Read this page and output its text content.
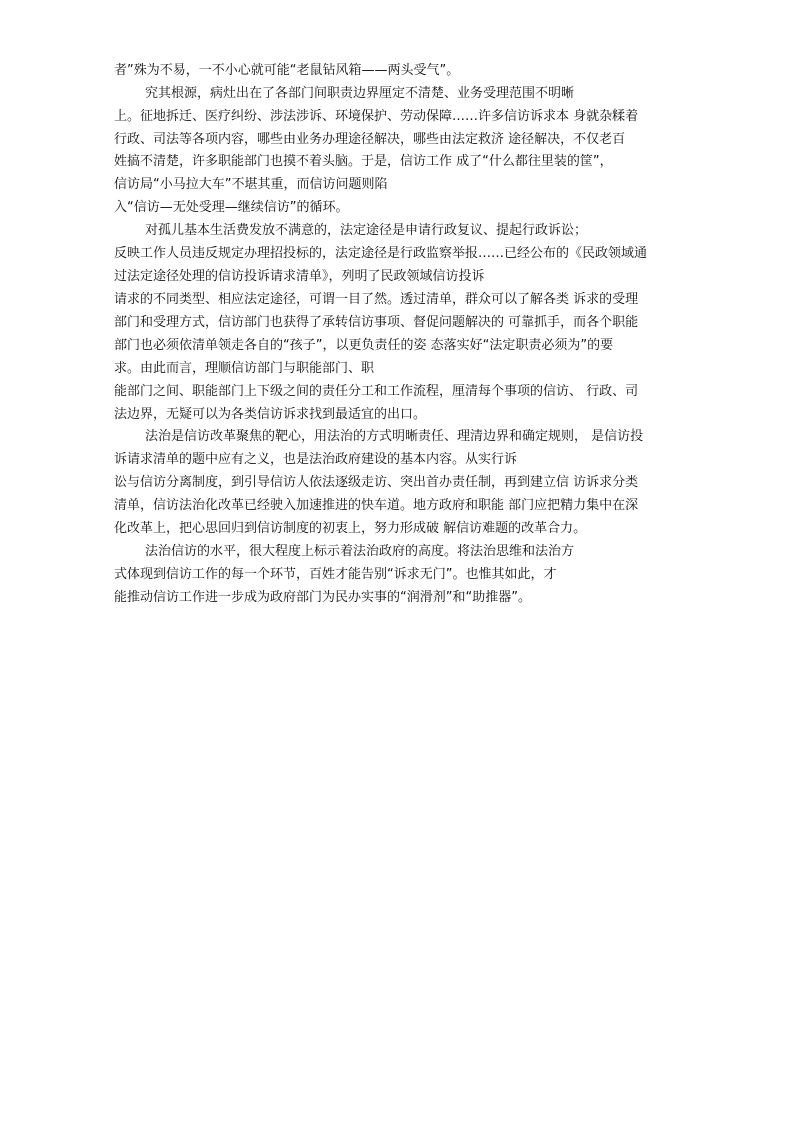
者”殊为不易，一不小心就可能“老鼠钻风箱——两头受气”。
究其根源，病灶出在了各部门间职责边界厘定不清楚、业务受理范围不明晰
上。征地拆迁、医疗纠纷、涉法涉诉、环境保护、劳动保障……许多信访诉求本 身就杂糅着
行政、司法等各项内容，哪些由业务办理途径解决，哪些由法定救济 途径解决，不仅老百
姓搞不清楚，许多职能部门也摸不着头脑。于是，信访工作 成了“什么都往里装的筐”，
信访局“小马拉大车”不堪其重，而信访问题则陷
入“信访—无处受理—继续信访”的循环。
对孤儿基本生活费发放不满意的，法定途径是申请行政复议、提起行政诉讼；
反映工作人员违反规定办理招投标的，法定途径是行政监察举报……已经公布的《民政领域通
过法定途径处理的信访投诉请求清单》，列明了民政领域信访投诉
请求的不同类型、相应法定途径，可谓一目了然。透过清单，群众可以了解各类 诉求的受理
部门和受理方式，信访部门也获得了承转信访事项、督促问题解决的 可靠抓手，而各个职能
部门也必须依清单领走各自的“孩子”，以更负责任的姿 态落实好“法定职责必须为”的要
求。由此而言，理顺信访部门与职能部门、职
能部门之间、职能部门上下级之间的责任分工和工作流程，厘清每个事项的信访、 行政、司
法边界，无疑可以为各类信访诉求找到最适宜的出口。
法治是信访改革聚焦的靶心，用法治的方式明晰责任、理清边界和确定规则， 是信访投
诉请求清单的题中应有之义，也是法治政府建设的基本内容。从实行诉
讼与信访分离制度，到引导信访人依法逐级走访、突出首办责任制，再到建立信 访诉求分类
清单，信访法治化改革已经驶入加速推进的快车道。地方政府和职能 部门应把精力集中在深
化改革上，把心思回归到信访制度的初衷上，努力形成破 解信访难题的改革合力。
法治信访的水平，很大程度上标示着法治政府的高度。将法治思维和法治方
式体现到信访工作的每一个环节，百姓才能告别“诉求无门”。也惟其如此，才
能推动信访工作进一步成为政府部门为民办实事的“润滑剂”和“助推器”。
